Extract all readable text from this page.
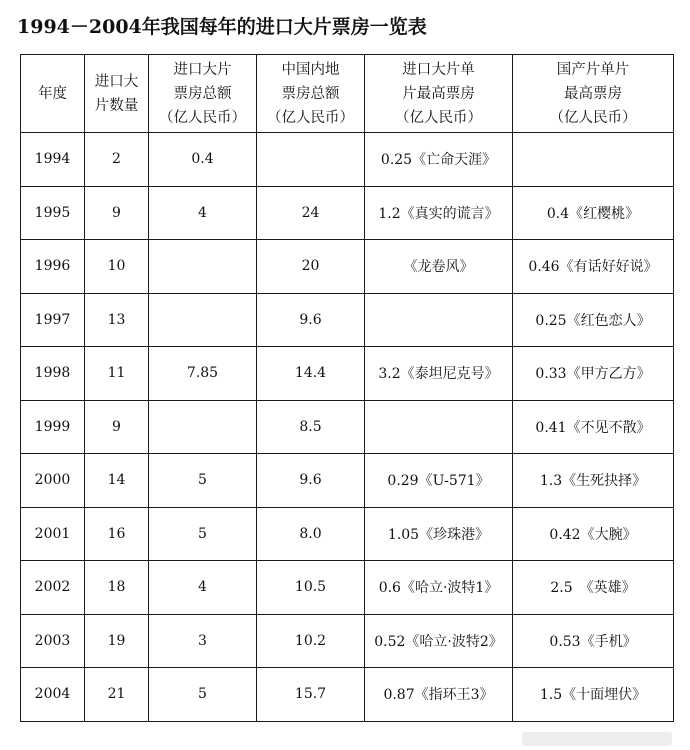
1994－2004年我国每年的进口大片票房一览表
年度	进口大
片数量	进口大片
票房总额
（亿人民币）	中国内地
票房总额
（亿人民币）	进口大片单
片最高票房
（亿人民币）	国产片单片
最高票房
（亿人民币）

1994	2	0.4		0.25《亡命天涯》	
1995	9	4	24	1.2《真实的谎言》	0.4《红樱桃》
1996	10		20	《龙卷风》	0.46《有话好好说》
1997	13		9.6		0.25《红色恋人》
1998	11	7.85	14.4	3.2《泰坦尼克号》	0.33《甲方乙方》
1999	9		8.5		0.41《不见不散》
2000	14	5	9.6	0.29《U-571》	1.3《生死抉择》
2001	16	5	8.0	1.05《珍珠港》	0.42《大腕》
2002	18	4	10.5	0.6《哈立·波特1》	2.5　《英雄》
2003	19	3	10.2	0.52《哈立·波特2》	0.53《手机》
2004	21	5	15.7	0.87《指环王3》	1.5《十面埋伏》
